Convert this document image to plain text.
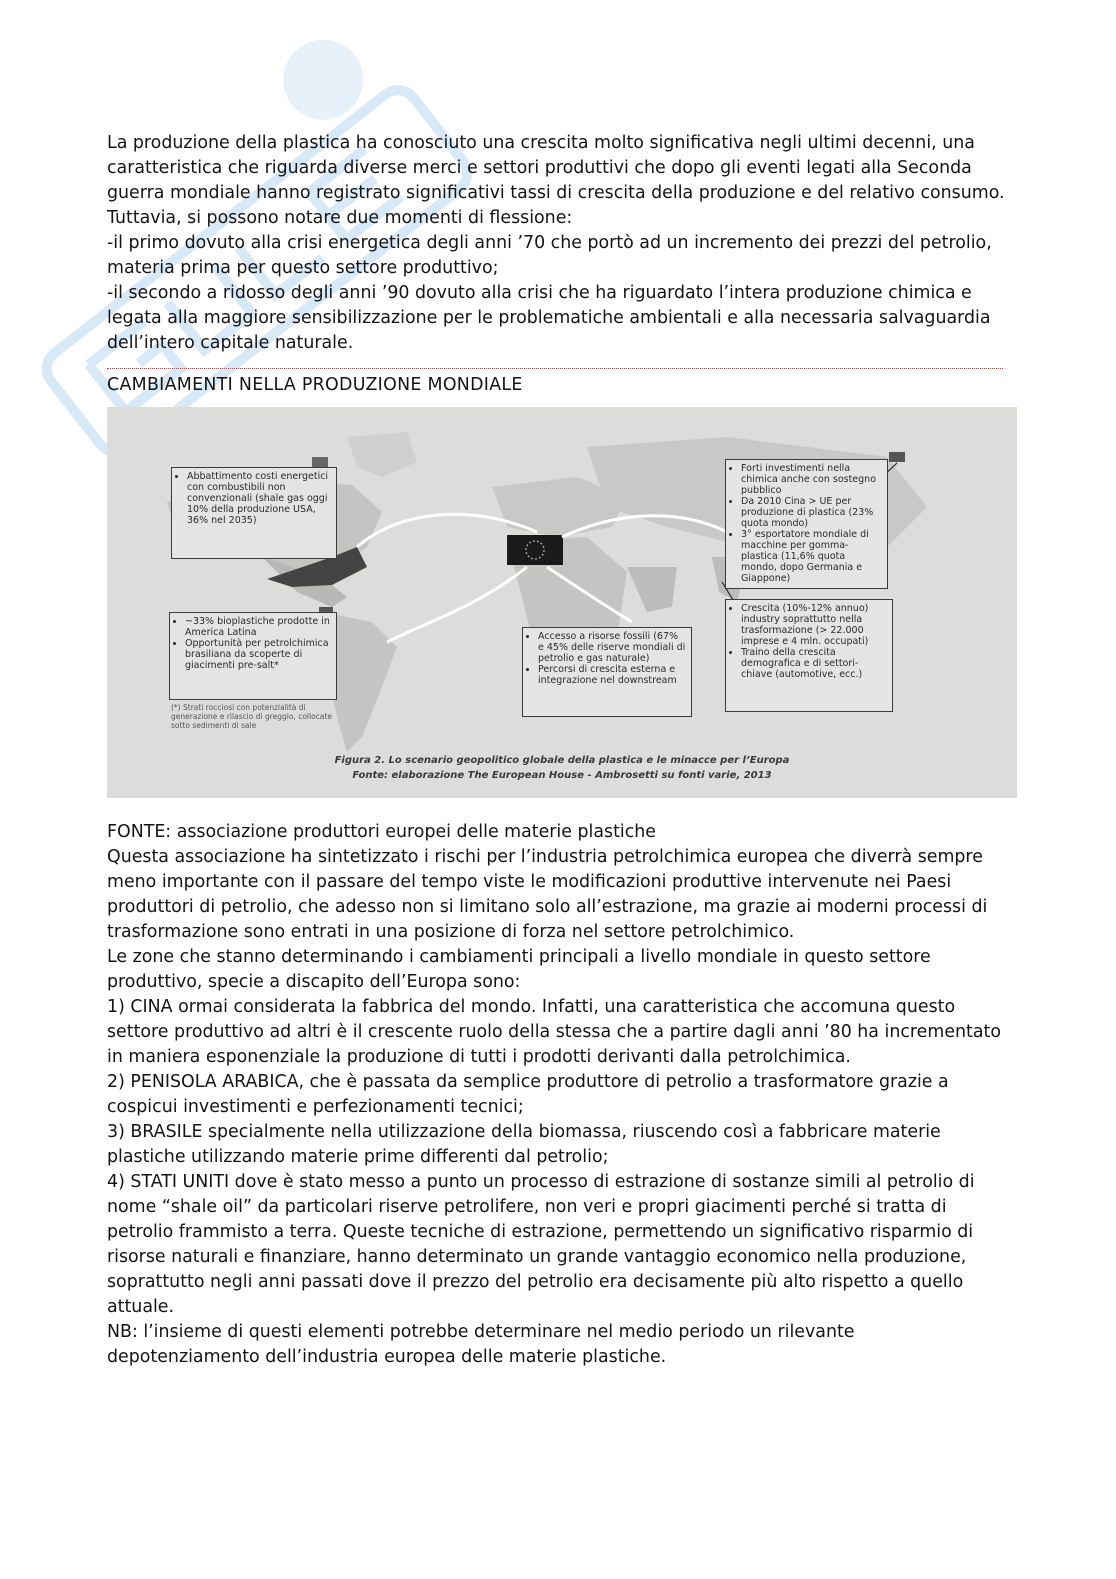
La produzione della plastica ha conosciuto una crescita molto significativa negli ultimi decenni, una caratteristica che riguarda diverse merci e settori produttivi che dopo gli eventi legati alla Seconda guerra mondiale hanno registrato significativi tassi di crescita della produzione e del relativo consumo.

Tuttavia, si possono notare due momenti di flessione:

-il primo dovuto alla crisi energetica degli anni ’70 che portò ad un incremento dei prezzi del petrolio, materia prima per questo settore produttivo;

-il secondo a ridosso degli anni ’90 dovuto alla crisi che ha riguardato l’intera produzione chimica e legata alla maggiore sensibilizzazione per le problematiche ambientali e alla necessaria salvaguardia dell’intero capitale naturale.

CAMBIAMENTI NELLA PRODUZIONE MONDIALE

• Abbattimento costi energetici con combustibili non convenzionali (shale gas oggi 10% della produzione USA, 36% nel 2035)
• ~33% bioplastiche prodotte in America Latina
• Opportunità per petrolchimica brasiliana da scoperte di giacimenti pre-salt*
(*) Strati rocciosi con potenzialità di generazione e rilascio di greggio, collocate sotto sedimenti di sale
• Accesso a risorse fossili (67% e 45% delle riserve mondiali di petrolio e gas naturale)
• Percorsi di crescita esterna e integrazione nel downstream
• Forti investimenti nella chimica anche con sostegno pubblico
• Da 2010 Cina > UE per produzione di plastica (23% quota mondo)
• 3° esportatore mondiale di macchine per gomma-plastica (11,6% quota mondo, dopo Germania e Giappone)
• Crescita (10%-12% annuo) industry soprattutto nella trasformazione (> 22.000 imprese e 4 mln. occupati)
• Traino della crescita demografica e di settori-chiave (automotive, ecc.)
Figura 2. Lo scenario geopolitico globale della plastica e le minacce per l’Europa
Fonte: elaborazione The European House - Ambrosetti su fonti varie, 2013

FONTE: associazione produttori europei delle materie plastiche

Questa associazione ha sintetizzato i rischi per l’industria petrolchimica europea che diverrà sempre meno importante con il passare del tempo viste le modificazioni produttive intervenute nei Paesi produttori di petrolio, che adesso non si limitano solo all’estrazione, ma grazie ai moderni processi di trasformazione sono entrati in una posizione di forza nel settore petrolchimico.

Le zone che stanno determinando i cambiamenti principali a livello mondiale in questo settore produttivo, specie a discapito dell’Europa sono:

1) CINA ormai considerata la fabbrica del mondo. Infatti, una caratteristica che accomuna questo settore produttivo ad altri è il crescente ruolo della stessa che a partire dagli anni ’80 ha incrementato in maniera esponenziale la produzione di tutti i prodotti derivanti dalla petrolchimica.

2) PENISOLA ARABICA, che è passata da semplice produttore di petrolio a trasformatore grazie a cospicui investimenti e perfezionamenti tecnici;

3) BRASILE specialmente nella utilizzazione della biomassa, riuscendo così a fabbricare materie plastiche utilizzando materie prime differenti dal petrolio;

4) STATI UNITI dove è stato messo a punto un processo di estrazione di sostanze simili al petrolio di nome “shale oil” da particolari riserve petrolifere, non veri e propri giacimenti perché si tratta di petrolio frammisto a terra. Queste tecniche di estrazione, permettendo un significativo risparmio di risorse naturali e finanziare, hanno determinato un grande vantaggio economico nella produzione, soprattutto negli anni passati dove il prezzo del petrolio era decisamente più alto rispetto a quello attuale.

NB: l’insieme di questi elementi potrebbe determinare nel medio periodo un rilevante depotenziamento dell’industria europea delle materie plastiche.
